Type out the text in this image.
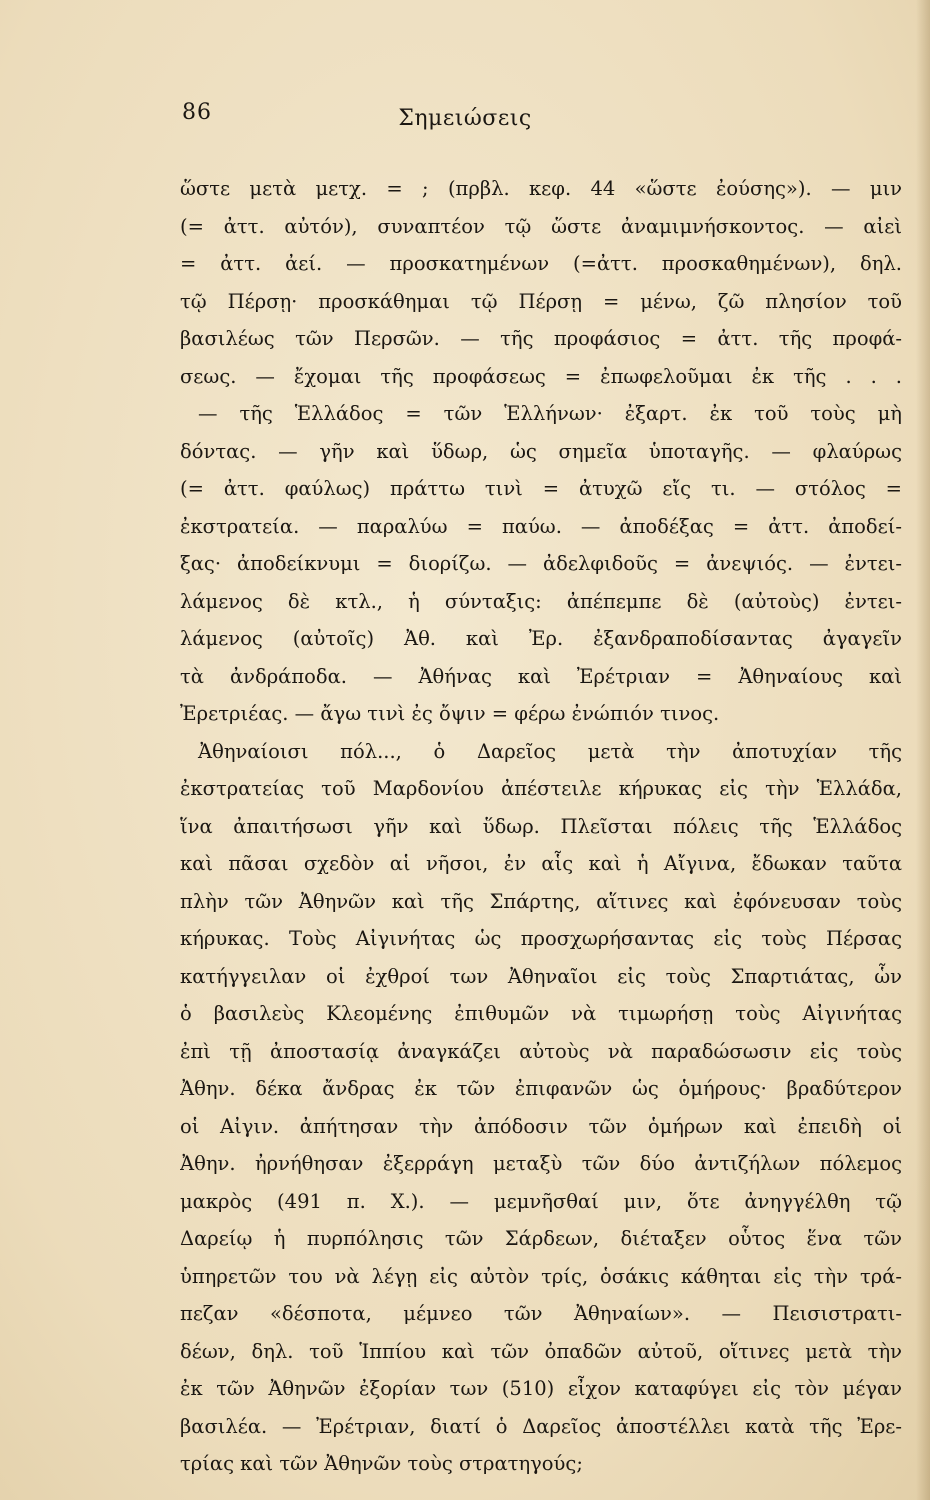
86	Σημειώσεις
ὥστε μετὰ μετχ. = ; (πρβλ. κεφ. 44 «ὥστε ἐούσης»). — μιν
(= ἀττ. αὐτόν), συναπτέον τῷ ὥστε ἀναμιμνήσκοντος. — αἰεὶ
= ἀττ. ἀεί. — προσκατημένων (=ἀττ. προσκαθημένων), δηλ.
τῷ Πέρσῃ· προσκάθημαι τῷ Πέρσῃ = μένω, ζῶ πλησίον τοῦ
βασιλέως τῶν Περσῶν. — τῆς προφάσιος = ἀττ. τῆς προφά-
σεως. — ἔχομαι τῆς προφάσεως = ἐπωφελοῦμαι ἐκ τῆς . . .
— τῆς Ἑλλάδος = τῶν Ἑλλήνων· ἐξαρτ. ἐκ τοῦ τοὺς μὴ
δόντας. — γῆν καὶ ὕδωρ, ὡς σημεῖα ὑποταγῆς. — φλαύρως
(= ἀττ. φαύλως) πράττω τινὶ = ἀτυχῶ εἴς τι. — στόλος =
ἐκστρατεία. — παραλύω = παύω. — ἀποδέξας = ἀττ. ἀποδεί-
ξας· ἀποδείκνυμι = διορίζω. — ἀδελφιδοῦς = ἀνεψιός. — ἐντει-
λάμενος δὲ κτλ., ἡ σύνταξις: ἀπέπεμπε δὲ (αὐτοὺς) ἐντει-
λάμενος (αὐτοῖς) Ἀθ. καὶ Ἐρ. ἐξανδραποδίσαντας ἀγαγεῖν
τὰ ἀνδράποδα. — Ἀθήνας καὶ Ἐρέτριαν = Ἀθηναίους καὶ
Ἐρετριέας. — ἄγω τινὶ ἐς ὄψιν = φέρω ἐνώπιόν τινος.
Ἀθηναίοισι πόλ..., ὁ Δαρεῖος μετὰ τὴν ἀποτυχίαν τῆς
ἐκστρατείας τοῦ Μαρδονίου ἀπέστειλε κήρυκας εἰς τὴν Ἑλλάδα,
ἵνα ἀπαιτήσωσι γῆν καὶ ὕδωρ. Πλεῖσται πόλεις τῆς Ἑλλάδος
καὶ πᾶσαι σχεδὸν αἱ νῆσοι, ἐν αἷς καὶ ἡ Αἴγινα, ἔδωκαν ταῦτα
πλὴν τῶν Ἀθηνῶν καὶ τῆς Σπάρτης, αἵτινες καὶ ἐφόνευσαν τοὺς
κήρυκας. Τοὺς Αἰγινήτας ὡς προσχωρήσαντας εἰς τοὺς Πέρσας
κατήγγειλαν οἱ ἐχθροί των Ἀθηναῖοι εἰς τοὺς Σπαρτιάτας, ὧν
ὁ βασιλεὺς Κλεομένης ἐπιθυμῶν νὰ τιμωρήσῃ τοὺς Αἰγινήτας
ἐπὶ τῇ ἀποστασίᾳ ἀναγκάζει αὐτοὺς νὰ παραδώσωσιν εἰς τοὺς
Ἀθην. δέκα ἄνδρας ἐκ τῶν ἐπιφανῶν ὡς ὁμήρους· βραδύτερον
οἱ Αἰγιν. ἀπήτησαν τὴν ἀπόδοσιν τῶν ὁμήρων καὶ ἐπειδὴ οἱ
Ἀθην. ἠρνήθησαν ἐξερράγη μεταξὺ τῶν δύο ἀντιζήλων πόλεμος
μακρὸς (491 π. Χ.). — μεμνῆσθαί μιν, ὅτε ἀνηγγέλθη τῷ
Δαρείῳ ἡ πυρπόλησις τῶν Σάρδεων, διέταξεν οὗτος ἕνα τῶν
ὑπηρετῶν του νὰ λέγῃ εἰς αὐτὸν τρίς, ὁσάκις κάθηται εἰς τὴν τρά-
πεζαν «δέσποτα, μέμνεο τῶν Ἀθηναίων». — Πεισιστρατι-
δέων, δηλ. τοῦ Ἱππίου καὶ τῶν ὀπαδῶν αὐτοῦ, οἵτινες μετὰ τὴν
ἐκ τῶν Ἀθηνῶν ἐξορίαν των (510) εἶχον καταφύγει εἰς τὸν μέγαν
βασιλέα. — Ἐρέτριαν, διατί ὁ Δαρεῖος ἀποστέλλει κατὰ τῆς Ἐρε-
τρίας καὶ τῶν Ἀθηνῶν τοὺς στρατηγούς;
